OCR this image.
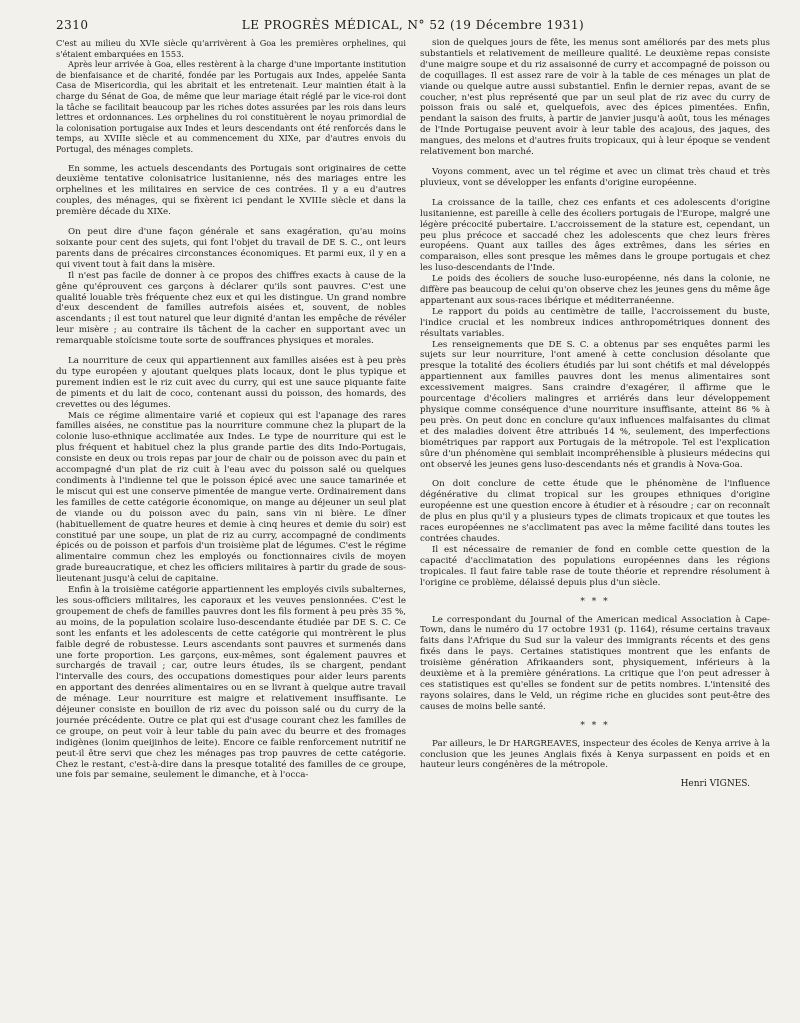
2310	LE PROGRÈS MÉDICAL, N° 52 (19 Décembre 1931)

C'est au milieu du XVIe siècle qu'arrivèrent à Goa les premières orphelines, qui s'étaient embarquées en 1553.

Après leur arrivée à Goa, elles restèrent à la charge d'une importante institution de bienfaisance et de charité, fondée par les Portugais aux Indes, appelée Santa Casa de Misericordia, qui les abritait et les entretenait. Leur maintien était à la charge du Sénat de Goa, de même que leur mariage était réglé par le vice-roi dont la tâche se facilitait beaucoup par les riches dotes assurées par les rois dans leurs lettres et ordonnances. Les orphelines du roi constituèrent le noyau primordial de la colonisation portugaise aux Indes et leurs descendants ont été renforcés dans le temps, au XVIIIe siècle et au commencement du XIXe, par d'autres envois du Portugal, des ménages complets.

En somme, les actuels descendants des Portugais sont originaires de cette deuxième tentative colonisatrice lusitanienne, nés des mariages entre les orphelines et les militaires en service de ces contrées. Il y a eu d'autres couples, des ménages, qui se fixèrent ici pendant le XVIIIe siècle et dans la première décade du XIXe.

On peut dire d'une façon générale et sans exagération, qu'au moins soixante pour cent des sujets, qui font l'objet du travail de DE S. C., ont leurs parents dans de précaires circonstances économiques. Et parmi eux, il y en a qui vivent tout à fait dans la misère.

Il n'est pas facile de donner à ce propos des chiffres exacts à cause de la gêne qu'éprouvent ces garçons à déclarer qu'ils sont pauvres. C'est une qualité louable très fréquente chez eux et qui les distingue. Un grand nombre d'eux descendent de familles autrefois aisées et, souvent, de nobles ascendants ; il est tout naturel que leur dignité d'antan les empêche de révéler leur misère ; au contraire ils tâchent de la cacher en supportant avec un remarquable stoïcisme toute sorte de souffrances physiques et morales.

La nourriture de ceux qui appartiennent aux familles aisées est à peu près du type européen y ajoutant quelques plats locaux, dont le plus typique et purement indien est le riz cuit avec du curry, qui est une sauce piquante faite de piments et du lait de coco, contenant aussi du poisson, des homards, des crevettes ou des légumes.

Mais ce régime alimentaire varié et copieux qui est l'apanage des rares familles aisées, ne constitue pas la nourriture commune chez la plupart de la colonie luso-ethnique acclimatée aux Indes. Le type de nourriture qui est le plus fréquent et habituel chez la plus grande partie des dits Indo-Portugais, consiste en deux ou trois repas par jour de chair ou de poisson avec du pain et accompagné d'un plat de riz cuit à l'eau avec du poisson salé ou quelques condiments à l'indienne tel que le poisson épicé avec une sauce tamarinée et le miscut qui est une conserve pimentée de mangue verte. Ordinairement dans les familles de cette catégorie économique, on mange au déjeuner un seul plat de viande ou du poisson avec du pain, sans vin ni bière. Le dîner (habituellement de quatre heures et demie à cinq heures et demie du soir) est constitué par une soupe, un plat de riz au curry, accompagné de condiments épicés ou de poisson et parfois d'un troisième plat de légumes. C'est le régime alimentaire commun chez les employés ou fonctionnaires civils de moyen grade bureaucratique, et chez les officiers militaires à partir du grade de sous-lieutenant jusqu'à celui de capitaine.

Enfin à la troisième catégorie appartiennent les employés civils subalternes, les sous-officiers militaires, les caporaux et les veuves pensionnées. C'est le groupement de chefs de familles pauvres dont les fils forment à peu près 35 %, au moins, de la population scolaire luso-descendante étudiée par DE S. C. Ce sont les enfants et les adolescents de cette catégorie qui montrèrent le plus faible degré de robustesse. Leurs ascendants sont pauvres et surmenés dans une forte proportion. Les garçons, eux-mêmes, sont également pauvres et surchargés de travail ; car, outre leurs études, ils se chargent, pendant l'intervalle des cours, des occupations domestiques pour aider leurs parents en apportant des denrées alimentaires ou en se livrant à quelque autre travail de ménage. Leur nourriture est maigre et relativement insuffisante. Le déjeuner consiste en bouillon de riz avec du poisson salé ou du curry de la journée précédente. Outre ce plat qui est d'usage courant chez les familles de ce groupe, on peut voir à leur table du pain avec du beurre et des fromages indigènes (lonim queijinhos de leite). Encore ce faible renforcement nutritif ne peut-il être servi que chez les ménages pas trop pauvres de cette catégorie. Chez le restant, c'est-à-dire dans la presque totalité des familles de ce groupe, une fois par semaine, seulement le dimanche, et à l'occa-

sion de quelques jours de fête, les menus sont améliorés par des mets plus substantiels et relativement de meilleure qualité. Le deuxième repas consiste d'une maigre soupe et du riz assaisonné de curry et accompagné de poisson ou de coquillages. Il est assez rare de voir à la table de ces ménages un plat de viande ou quelque autre aussi substantiel. Enfin le dernier repas, avant de se coucher, n'est plus représenté que par un seul plat de riz avec du curry de poisson frais ou salé et, quelquefois, avec des épices pimentées. Enfin, pendant la saison des fruits, à partir de janvier jusqu'à août, tous les ménages de l'Inde Portugaise peuvent avoir à leur table des acajous, des jaques, des mangues, des melons et d'autres fruits tropicaux, qui à leur époque se vendent relativement bon marché.

Voyons comment, avec un tel régime et avec un climat très chaud et très pluvieux, vont se développer les enfants d'origine européenne.

La croissance de la taille, chez ces enfants et ces adolescents d'origine lusitanienne, est pareille à celle des écoliers portugais de l'Europe, malgré une légère précocité pubertaire. L'accroissement de la stature est, cependant, un peu plus précoce et saccadé chez les adolescents que chez leurs frères européens. Quant aux tailles des âges extrêmes, dans les séries en comparaison, elles sont presque les mêmes dans le groupe portugais et chez les luso-descendants de l'Inde.

Le poids des écoliers de souche luso-européenne, nés dans la colonie, ne diffère pas beaucoup de celui qu'on observe chez les jeunes gens du même âge appartenant aux sous-races ibérique et méditerranéenne.

Le rapport du poids au centimètre de taille, l'accroissement du buste, l'indice crucial et les nombreux indices anthropométriques donnent des résultats variables.

Les renseignements que DE S. C. a obtenus par ses enquêtes parmi les sujets sur leur nourriture, l'ont amené à cette conclusion désolante que presque la totalité des écoliers étudiés par lui sont chétifs et mal développés appartiennent aux familles pauvres dont les menus alimentaires sont excessivement maigres. Sans craindre d'exagérer, il affirme que le pourcentage d'écoliers malingres et arriérés dans leur développement physique comme conséquence d'une nourriture insuffisante, atteint 86 % à peu près. On peut donc en conclure qu'aux influences malfaisantes du climat et des maladies doivent être attribués 14 %, seulement, des imperfections biométriques par rapport aux Portugais de la métropole. Tel est l'explication sûre d'un phénomène qui semblait incompréhensible à plusieurs médecins qui ont observé les jeunes gens luso-descendants nés et grandis à Nova-Goa.

On doit conclure de cette étude que le phénomène de l'influence dégénérative du climat tropical sur les groupes ethniques d'origine européenne est une question encore à étudier et à résoudre ; car on reconnaît de plus en plus qu'il y a plusieurs types de climats tropicaux et que toutes les races européennes ne s'acclimatent pas avec la même facilité dans toutes les contrées chaudes.

Il est nécessaire de remanier de fond en comble cette question de la capacité d'acclimatation des populations européennes dans les régions tropicales. Il faut faire table rase de toute théorie et reprendre résolument à l'origine ce problème, délaissé depuis plus d'un siècle.

* * *

Le correspondant du Journal of the American medical Association à Cape-Town, dans le numéro du 17 octobre 1931 (p. 1164), résume certains travaux faits dans l'Afrique du Sud sur la valeur des immigrants récents et des gens fixés dans le pays. Certaines statistiques montrent que les enfants de troisième génération Afrikaanders sont, physiquement, inférieurs à la deuxième et à la première générations. La critique que l'on peut adresser à ces statistiques est qu'elles se fondent sur de petits nombres. L'intensité des rayons solaires, dans le Veld, un régime riche en glucides sont peut-être des causes de moins belle santé.

* * *

Par ailleurs, le Dr HARGREAVES, inspecteur des écoles de Kenya arrive à la conclusion que les jeunes Anglais fixés à Kenya surpassent en poids et en hauteur leurs congénères de la métropole.

Henri VIGNES.
